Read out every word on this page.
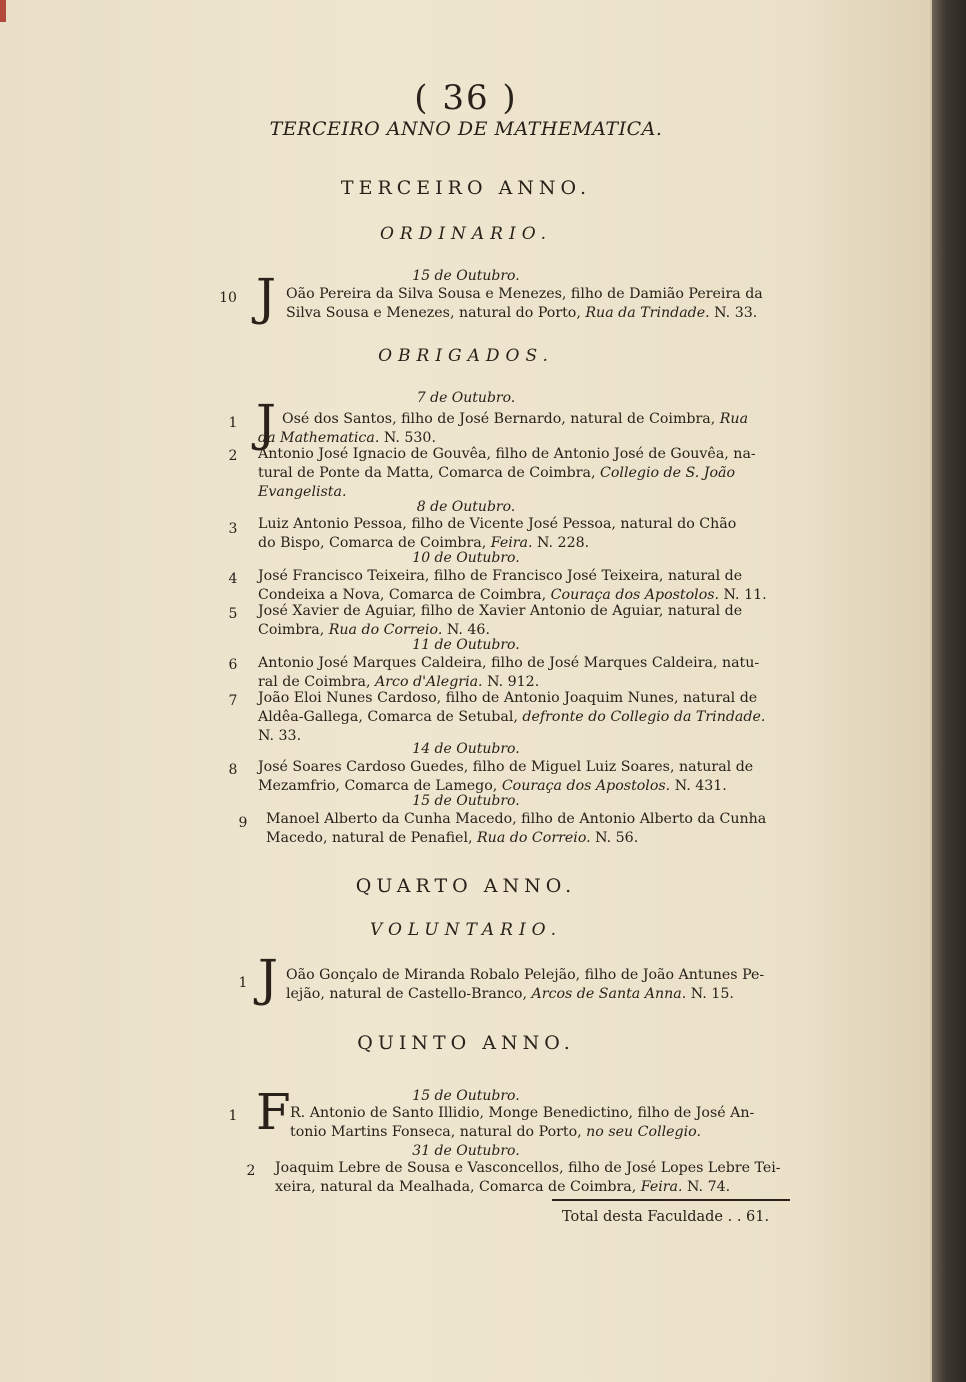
( 36 )
TERCEIRO ANNO DE MATHEMATICA.
TERCEIRO ANNO.
ORDINARIO.
15 de Outubro.
10 J Oão Pereira da Silva Sousa e Menezes, filho de Damião Pereira da
Silva Sousa e Menezes, natural do Porto, Rua da Trindade. N. 33.
OBRIGADOS.
7 de Outubro.
1 J Osé dos Santos, filho de José Bernardo, natural de Coimbra, Rua
da Mathematica. N. 530.
2	Antonio José Ignacio de Gouvêa, filho de Antonio José de Gouvêa, na-
tural de Ponte da Matta, Comarca de Coimbra, Collegio de S. João
Evangelista.
8 de Outubro.
3	Luiz Antonio Pessoa, filho de Vicente José Pessoa, natural do Chão
do Bispo, Comarca de Coimbra, Feira. N. 228.
10 de Outubro.
4	José Francisco Teixeira, filho de Francisco José Teixeira, natural de
Condeixa a Nova, Comarca de Coimbra, Couraça dos Apostolos. N. 11.
5	José Xavier de Aguiar, filho de Xavier Antonio de Aguiar, natural de
Coimbra, Rua do Correio. N. 46.
11 de Outubro.
6	Antonio José Marques Caldeira, filho de José Marques Caldeira, natu-
ral de Coimbra, Arco d'Alegria. N. 912.
7	João Eloi Nunes Cardoso, filho de Antonio Joaquim Nunes, natural de
Aldêa-Gallega, Comarca de Setubal, defronte do Collegio da Trindade.
N. 33.
14 de Outubro.
8	José Soares Cardoso Guedes, filho de Miguel Luiz Soares, natural de
Mezamfrio, Comarca de Lamego, Couraça dos Apostolos. N. 431.
15 de Outubro.
9	Manoel Alberto da Cunha Macedo, filho de Antonio Alberto da Cunha
Macedo, natural de Penafiel, Rua do Correio. N. 56.
QUARTO ANNO.
VOLUNTARIO.
1 J Oão Gonçalo de Miranda Robalo Pelejão, filho de João Antunes Pe-
lejão, natural de Castello-Branco, Arcos de Santa Anna. N. 15.
QUINTO ANNO.
15 de Outubro.
1 F R. Antonio de Santo Illidio, Monge Benedictino, filho de José An-
tonio Martins Fonseca, natural do Porto, no seu Collegio.
31 de Outubro.
2	Joaquim Lebre de Sousa e Vasconcellos, filho de José Lopes Lebre Tei-
xeira, natural da Mealhada, Comarca de Coimbra, Feira. N. 74.
Total desta Faculdade . . 61.
